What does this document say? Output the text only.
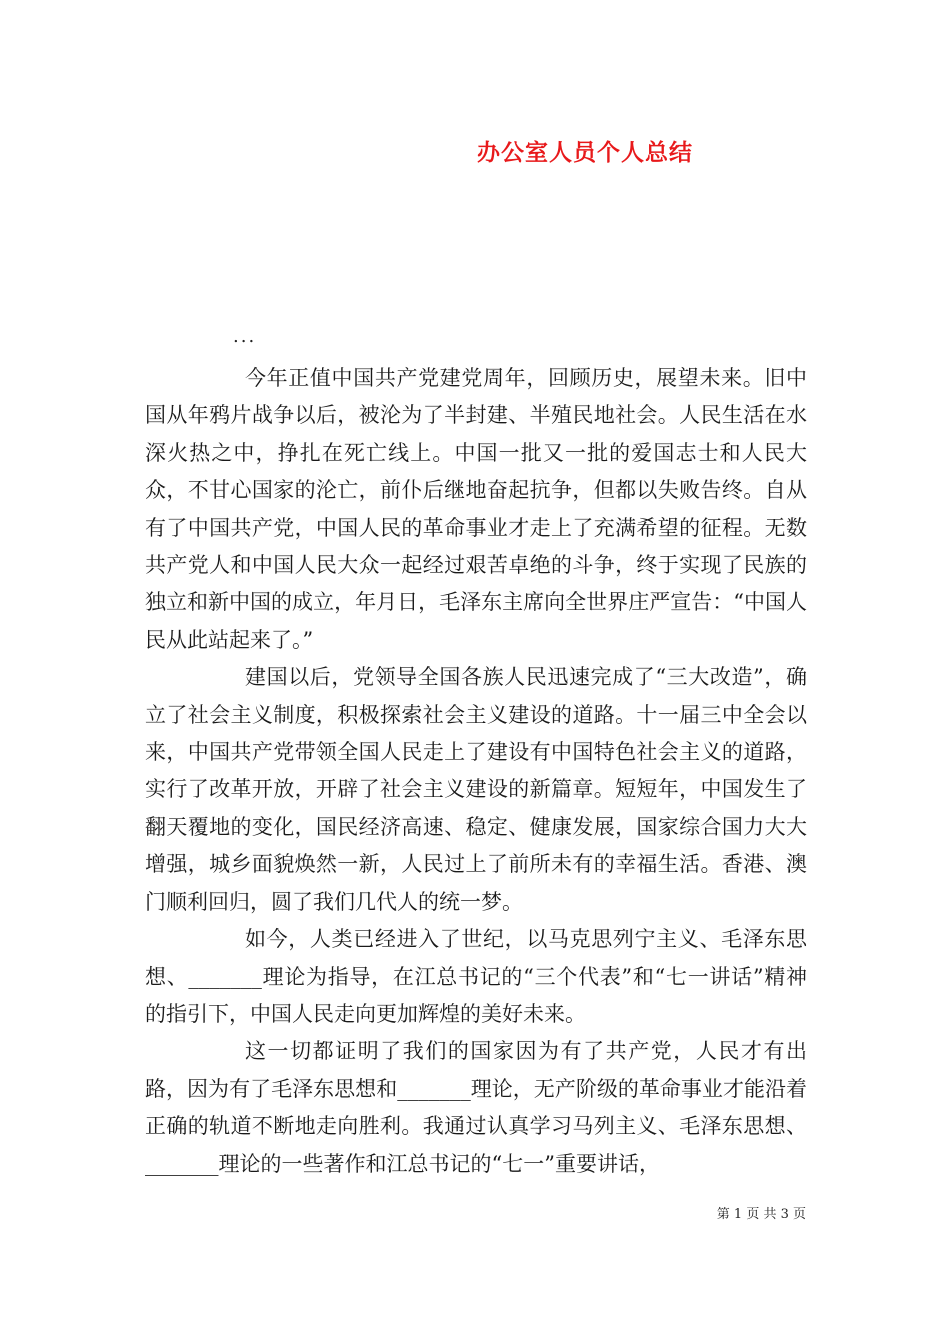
办公室人员个人总结
...

今年正值中国共产党建党周年，回顾历史，展望未来。旧中国从年鸦片战争以后，被沦为了半封建、半殖民地社会。人民生活在水深火热之中，挣扎在死亡线上。中国一批又一批的爱国志士和人民大众，不甘心国家的沦亡，前仆后继地奋起抗争，但都以失败告终。自从有了中国共产党，中国人民的革命事业才走上了充满希望的征程。无数共产党人和中国人民大众一起经过艰苦卓绝的斗争，终于实现了民族的独立和新中国的成立，年月日，毛泽东主席向全世界庄严宣告：“中国人民从此站起来了。”

建国以后，党领导全国各族人民迅速完成了“三大改造”，确立了社会主义制度，积极探索社会主义建设的道路。十一届三中全会以来，中国共产党带领全国人民走上了建设有中国特色社会主义的道路，实行了改革开放，开辟了社会主义建设的新篇章。短短年，中国发生了翻天覆地的变化，国民经济高速、稳定、健康发展，国家综合国力大大增强，城乡面貌焕然一新，人民过上了前所未有的幸福生活。香港、澳门顺利回归，圆了我们几代人的统一梦。

如今，人类已经进入了世纪，以马克思列宁主义、毛泽东思想、_______理论为指导，在江总书记的“三个代表”和“七一讲话”精神的指引下，中国人民走向更加辉煌的美好未来。

这一切都证明了我们的国家因为有了共产党，人民才有出路，因为有了毛泽东思想和_______理论，无产阶级的革命事业才能沿着正确的轨道不断地走向胜利。我通过认真学习马列主义、毛泽东思想、_______理论的一些著作和江总书记的“七一”重要讲话，

第 1 页 共 3 页
